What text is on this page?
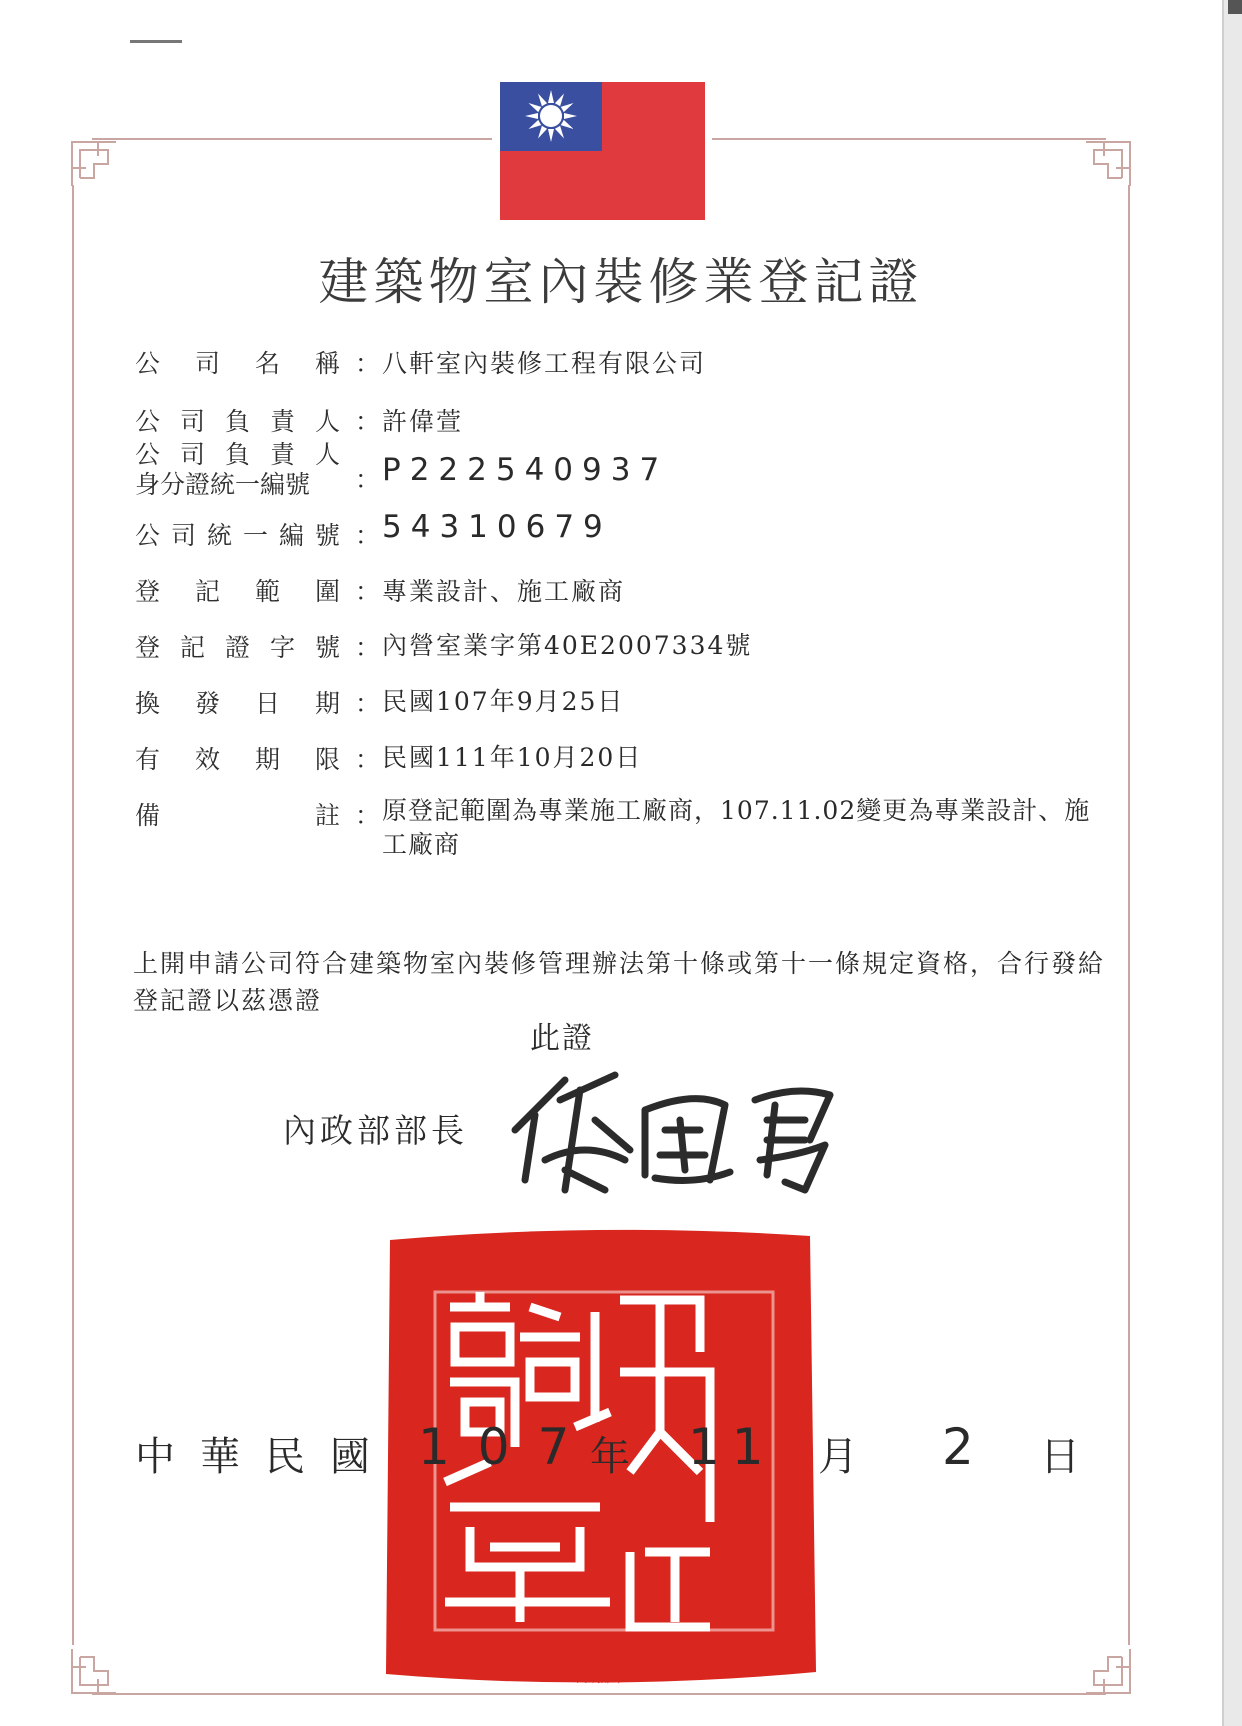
建築物室內裝修業登記證
公 司 名 稱 ： 八軒室內裝修工程有限公司
公 司 負 責 人 ： 許偉萱
公 司 負 責 人
身分證統一編號	： P222540937
公 司 統 一 編 號 ： 54310679
登 記 範 圍 ： 專業設計、施工廠商
登 記 證 字 號 ： 內營室業字第40E2007334號
換 發 日 期 ： 民國107年9月25日
有 效 期 限 ： 民國111年10月20日
備	註 ： 原登記範圍為專業施工廠商，107.11.02變更為專業設計、施工廠商
上開申請公司符合建築物室內裝修管理辦法第十條或第十一條規定資格，合行發給登記證以茲憑證
此證
內政部部長
內政部印
中華民國 107
年 11 月 2 日
